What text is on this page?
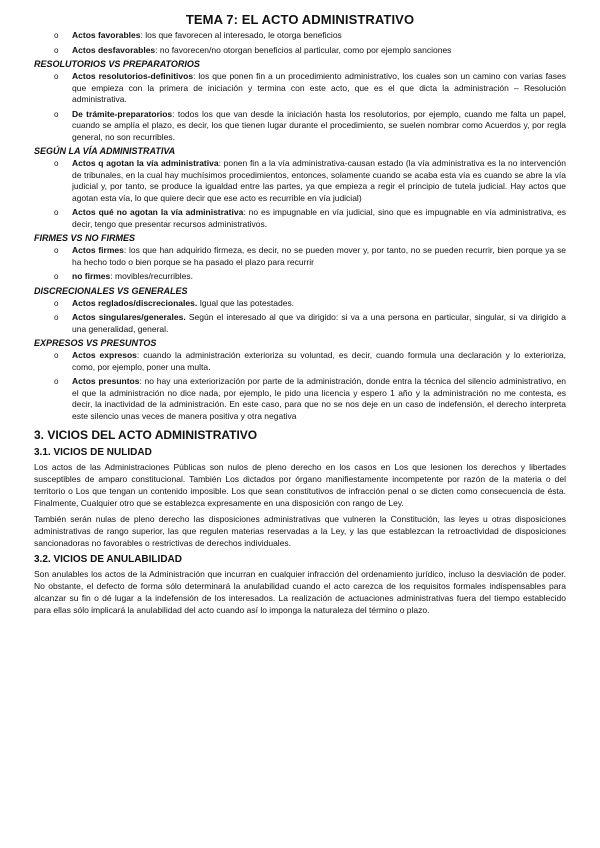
TEMA 7: EL ACTO ADMINISTRATIVO
o Actos favorables: los que favorecen al interesado, le otorga beneficios
o Actos desfavorables: no favorecen/no otorgan beneficios al particular, como por ejemplo sanciones
RESOLUTORIOS VS PREPARATORIOS
o Actos resolutorios-definitivos: los que ponen fin a un procedimiento administrativo, los cuales son un camino con varias fases que empieza con la primera de iniciación y termina con este acto, que es el que dicta la administración – Resolución administrativa.
o De trámite-preparatorios: todos los que van desde la iniciación hasta los resolutorios, por ejemplo, cuando me falta un papel, cuando se amplía el plazo, es decir, los que tienen lugar durante el procedimiento, se suelen nombrar como Acuerdos y, por regla general, no son recurribles.
SEGÚN LA VÍA ADMINISTRATIVA
o Actos q agotan la vía administrativa: ponen fin a la vía administrativa-causan estado (la vía administrativa es la no intervención de tribunales, en la cual hay muchísimos procedimientos, entonces, solamente cuando se acaba esta vía es cuando se abre la vía judicial y, por tanto, se produce la igualdad entre las partes, ya que empieza a regir el principio de tutela judicial. Hay actos que agotan esta vía, lo que quiere decir que ese acto es recurrible en vía judicial)
o Actos qué no agotan la vía administrativa: no es impugnable en vía judicial, sino que es impugnable en vía administrativa, es decir, tengo que presentar recursos administrativos.
FIRMES VS NO FIRMES
o Actos firmes: los que han adquirido firmeza, es decir, no se pueden mover y, por tanto, no se pueden recurrir, bien porque ya se ha hecho todo o bien porque se ha pasado el plazo para recurrir
o no firmes: movibles/recurribles.
DISCRECIONALES VS GENERALES
o Actos reglados/discrecionales. Igual que las potestades.
o Actos singulares/generales. Según el interesado al que va dirigido: si va a una persona en particular, singular, si va dirigido a una generalidad, general.
EXPRESOS VS PRESUNTOS
o Actos expresos: cuando la administración exterioriza su voluntad, es decir, cuando formula una declaración y lo exterioriza, como, por ejemplo, poner una multa.
o Actos presuntos: no hay una exteriorización por parte de la administración, donde entra la técnica del silencio administrativo, en el que la administración no dice nada, por ejemplo, le pido una licencia y espero 1 año y la administración no me contesta, es decir, la inactividad de la administración. En este caso, para que no se nos deje en un caso de indefensión, el derecho interpreta este silencio unas veces de manera positiva y otra negativa
3. VICIOS DEL ACTO ADMINISTRATIVO
3.1. VICIOS DE NULIDAD

Los actos de las Administraciones Públicas son nulos de pleno derecho en los casos en Los que lesionen los derechos y libertades susceptibles de amparo constitucional. También Los dictados por órgano manifiestamente incompetente por razón de la materia o del territorio o Los que tengan un contenido imposible. Los que sean constitutivos de infracción penal o se dicten como consecuencia de ésta. Finalmente, Cualquier otro que se establezca expresamente en una disposición con rango de Ley.

También serán nulas de pleno derecho las disposiciones administrativas que vulneren la Constitución, las leyes u otras disposiciones administrativas de rango superior, las que regulen materias reservadas a la Ley, y las que establezcan la retroactividad de disposiciones sancionadoras no favorables o restrictivas de derechos individuales.

3.2. VICIOS DE ANULABILIDAD

Son anulables los actos de la Administración que incurran en cualquier infracción del ordenamiento jurídico, incluso la desviación de poder. No obstante, el defecto de forma sólo determinará la anulabilidad cuando el acto carezca de los requisitos formales indispensables para alcanzar su fin o dé lugar a la indefensión de los interesados. La realización de actuaciones administrativas fuera del tiempo establecido para ellas sólo implicará la anulabilidad del acto cuando así lo imponga la naturaleza del término o plazo.
